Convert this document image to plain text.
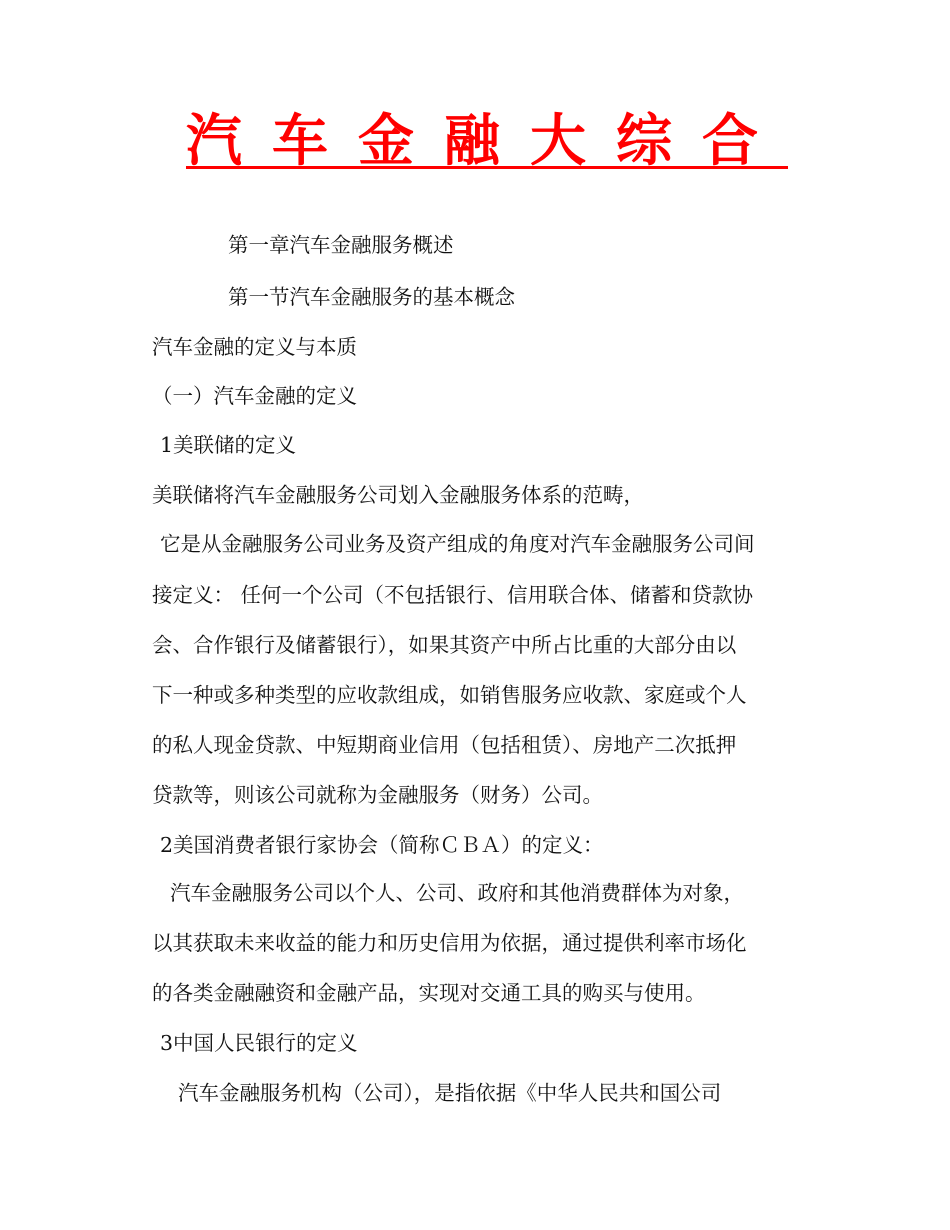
汽车金融大综合
第一章汽车金融服务概述
第一节汽车金融服务的基本概念
汽车金融的定义与本质
（一）汽车金融的定义
1美联储的定义
美联储将汽车金融服务公司划入金融服务体系的范畴，
它是从金融服务公司业务及资产组成的角度对汽车金融服务公司间
接定义： 任何一个公司（不包括银行、信用联合体、储蓄和贷款协
会、合作银行及储蓄银行），如果其资产中所占比重的大部分由以
下一种或多种类型的应收款组成，如销售服务应收款、家庭或个人
的私人现金贷款、中短期商业信用（包括租赁）、房地产二次抵押
贷款等，则该公司就称为金融服务（财务）公司。
2美国消费者银行家协会（简称ＣＢＡ）的定义：
汽车金融服务公司以个人、公司、政府和其他消费群体为对象，
以其获取未来收益的能力和历史信用为依据，通过提供利率市场化
的各类金融融资和金融产品，实现对交通工具的购买与使用。
3中国人民银行的定义
汽车金融服务机构（公司），是指依据《中华人民共和国公司
